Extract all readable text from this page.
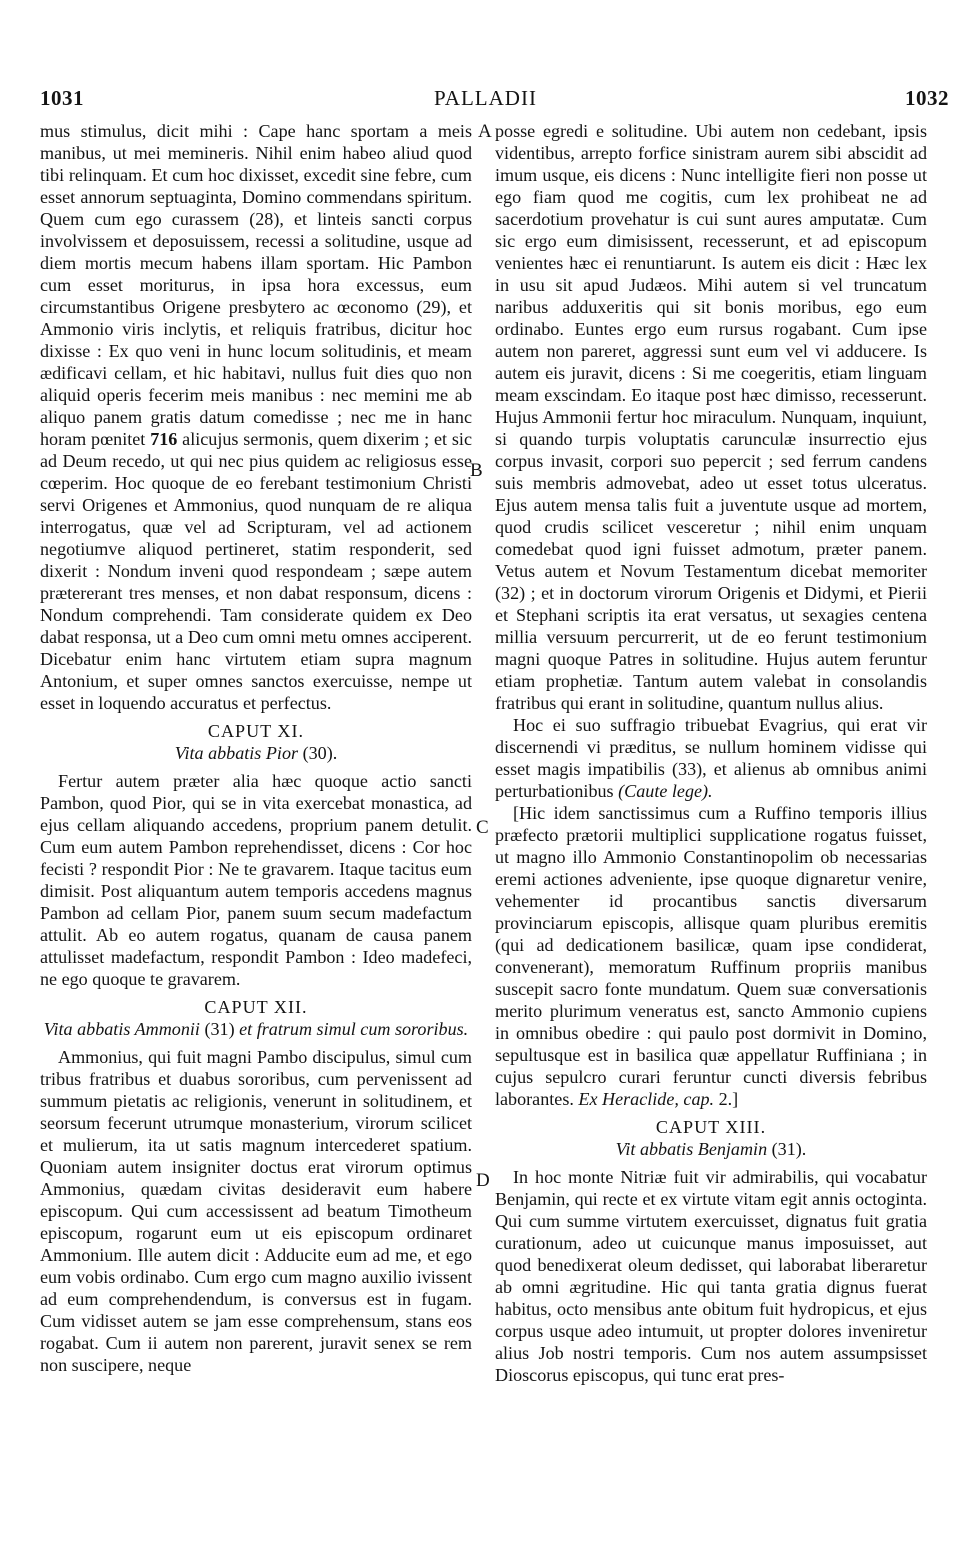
1031	PALLADII	1032
A
B
C
D

mus stimulus, dicit mihi : Cape hanc sportam a meis manibus, ut mei memineris. Nihil enim habeo aliud quod tibi relinquam. Et cum hoc dixisset, excedit sine febre, cum esset annorum septuaginta, Domino commendans spiritum. Quem cum ego curassem (28), et linteis sancti corpus involvissem et deposuissem, recessi a solitudine, usque ad diem mortis mecum habens illam sportam. Hic Pambon cum esset moriturus, in ipsa hora excessus, eum circumstantibus Origene presbytero ac œconomo (29), et Ammonio viris inclytis, et reliquis fratribus, dicitur hoc dixisse : Ex quo veni in hunc locum solitudinis, et meam ædificavi cellam, et hic habitavi, nullus fuit dies quo non aliquid operis fecerim meis manibus : nec memini me ab aliquo panem gratis datum comedisse ; nec me in hanc horam pœnitet 716 alicujus sermonis, quem dixerim ; et sic ad Deum recedo, ut qui nec pius quidem ac religiosus esse cœperim. Hoc quoque de eo ferebant testimonium Christi servi Origenes et Ammonius, quod nunquam de re aliqua interrogatus, quæ vel ad Scripturam, vel ad actionem negotiumve aliquod pertineret, statim responderit, sed dixerit : Nondum inveni quod respondeam ; sæpe autem prætererant tres menses, et non dabat responsum, dicens : Nondum comprehendi. Tam considerate quidem ex Deo dabat responsa, ut a Deo cum omni metu omnes acciperent. Dicebatur enim hanc virtutem etiam supra magnum Antonium, et super omnes sanctos exercuisse, nempe ut esset in loquendo accuratus et perfectus.

CAPUT XI.
Vita abbatis Pior (30).

Fertur autem præter alia hæc quoque actio sancti Pambon, quod Pior, qui se in vita exercebat monastica, ad ejus cellam aliquando accedens, proprium panem detulit. Cum eum autem Pambon reprehendisset, dicens : Cor hoc fecisti ? respondit Pior : Ne te gravarem. Itaque tacitus eum dimisit. Post aliquantum autem temporis accedens magnus Pambon ad cellam Pior, panem suum secum madefactum attulit. Ab eo autem rogatus, quanam de causa panem attulisset madefactum, respondit Pambon : Ideo madefeci, ne ego quoque te gravarem.

CAPUT XII.
Vita abbatis Ammonii (31) et fratrum simul cum sororibus.

Ammonius, qui fuit magni Pambo discipulus, simul cum tribus fratribus et duabus sororibus, cum pervenissent ad summum pietatis ac religionis, venerunt in solitudinem, et seorsum fecerunt utrumque monasterium, virorum scilicet et mulierum, ita ut satis magnum intercederet spatium. Quoniam autem insigniter doctus erat virorum optimus Ammonius, quædam civitas desideravit eum habere episcopum. Qui cum accessissent ad beatum Timotheum episcopum, rogarunt eum ut eis episcopum ordinaret Ammonium. Ille autem dicit : Adducite eum ad me, et ego eum vobis ordinabo. Cum ergo cum magno auxilio ivissent ad eum comprehendendum, is conversus est in fugam. Cum vidisset autem se jam esse comprehensum, stans eos rogabat. Cum ii autem non parerent, juravit senex se rem non suscipere, neque

posse egredi e solitudine. Ubi autem non cedebant, ipsis videntibus, arrepto forfice sinistram aurem sibi abscidit ad imum usque, eis dicens : Nunc intelligite fieri non posse ut ego fiam quod me cogitis, cum lex prohibeat ne ad sacerdotium provehatur is cui sunt aures amputatæ. Cum sic ergo eum dimisissent, recesserunt, et ad episcopum venientes hæc ei renuntiarunt. Is autem eis dicit : Hæc lex in usu sit apud Judæos. Mihi autem si vel truncatum naribus adduxeritis qui sit bonis moribus, ego eum ordinabo. Euntes ergo eum rursus rogabant. Cum ipse autem non pareret, aggressi sunt eum vel vi adducere. Is autem eis juravit, dicens : Si me coegeritis, etiam linguam meam exscindam. Eo itaque post hæc dimisso, recesserunt. Hujus Ammonii fertur hoc miraculum. Nunquam, inquiunt, si quando turpis voluptatis carunculæ insurrectio ejus corpus invasit, corpori suo pepercit ; sed ferrum candens suis membris admovebat, adeo ut esset totus ulceratus. Ejus autem mensa talis fuit a juventute usque ad mortem, quod crudis scilicet vesceretur ; nihil enim unquam comedebat quod igni fuisset admotum, præter panem. Vetus autem et Novum Testamentum dicebat memoriter (32) ; et in doctorum virorum Origenis et Didymi, et Pierii et Stephani scriptis ita erat versatus, ut sexagies centena millia versuum percurrerit, ut de eo ferunt testimonium magni quoque Patres in solitudine. Hujus autem feruntur etiam prophetiæ. Tantum autem valebat in consolandis fratribus qui erant in solitudine, quantum nullus alius.

Hoc ei suo suffragio tribuebat Evagrius, qui erat vir discernendi vi præditus, se nullum hominem vidisse qui esset magis impatibilis (33), et alienus ab omnibus animi perturbationibus (Caute lege).

[Hic idem sanctissimus cum a Ruffino temporis illius præfecto prætorii multiplici supplicatione rogatus fuisset, ut magno illo Ammonio Constantinopolim ob necessarias eremi actiones adveniente, ipse quoque dignaretur venire, vehementer id procantibus sanctis diversarum provinciarum episcopis, allisque quam pluribus eremitis (qui ad dedicationem basilicæ, quam ipse condiderat, convenerant), memoratum Ruffinum propriis manibus suscepit sacro fonte mundatum. Quem suæ conversationis merito plurimum veneratus est, sancto Ammonio cupiens in omnibus obedire : qui paulo post dormivit in Domino, sepultusque est in basilica quæ appellatur Ruffiniana ; in cujus sepulcro curari feruntur cuncti diversis febribus laborantes. Ex Heraclide, cap. 2.]

CAPUT XIII.
Vit abbatis Benjamin (31).

In hoc monte Nitriæ fuit vir admirabilis, qui vocabatur Benjamin, qui recte et ex virtute vitam egit annis octoginta. Qui cum summe virtutem exercuisset, dignatus fuit gratia curationum, adeo ut cuicunque manus imposuisset, aut quod benedixerat oleum dedisset, qui laborabat liberaretur ab omni ægritudine. Hic qui tanta gratia dignus fuerat habitus, octo mensibus ante obitum fuit hydropicus, et ejus corpus usque adeo intumuit, ut propter dolores inveniretur alius Job nostri temporis. Cum nos autem assumpsisset Dioscorus episcopus, qui tunc erat pres-
